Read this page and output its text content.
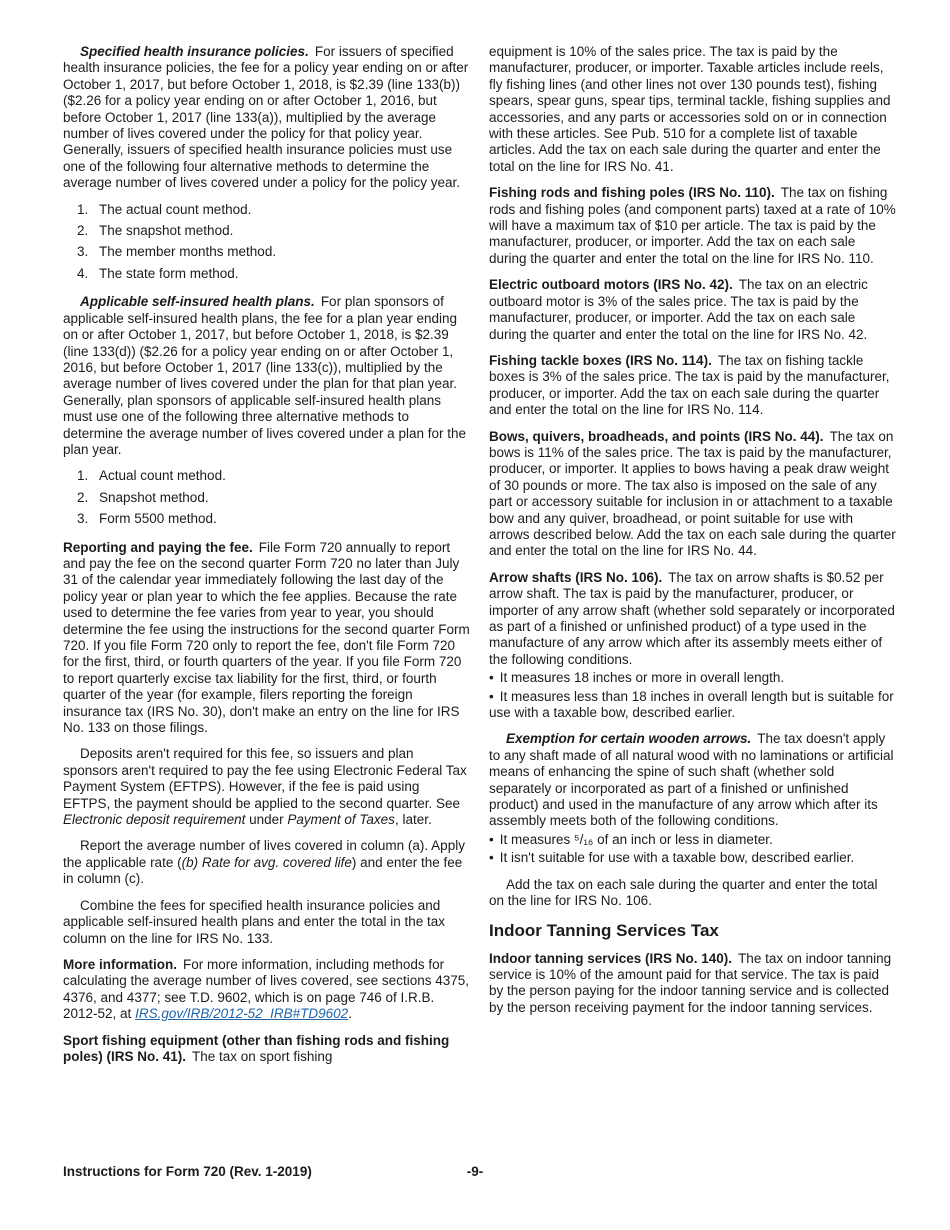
Specified health insurance policies. For issuers of specified health insurance policies, the fee for a policy year ending on or after October 1, 2017, but before October 1, 2018, is $2.39 (line 133(b)) ($2.26 for a policy year ending on or after October 1, 2016, but before October 1, 2017 (line 133(a)), multiplied by the average number of lives covered under the policy for that policy year. Generally, issuers of specified health insurance policies must use one of the following four alternative methods to determine the average number of lives covered under a policy for the policy year.
1. The actual count method.
2. The snapshot method.
3. The member months method.
4. The state form method.
Applicable self-insured health plans. For plan sponsors of applicable self-insured health plans, the fee for a plan year ending on or after October 1, 2017, but before October 1, 2018, is $2.39 (line 133(d)) ($2.26 for a policy year ending on or after October 1, 2016, but before October 1, 2017 (line 133(c)), multiplied by the average number of lives covered under the plan for that plan year. Generally, plan sponsors of applicable self-insured health plans must use one of the following three alternative methods to determine the average number of lives covered under a plan for the plan year.
1. Actual count method.
2. Snapshot method.
3. Form 5500 method.
Reporting and paying the fee. File Form 720 annually to report and pay the fee on the second quarter Form 720 no later than July 31 of the calendar year immediately following the last day of the policy year or plan year to which the fee applies. Because the rate used to determine the fee varies from year to year, you should determine the fee using the instructions for the second quarter Form 720. If you file Form 720 only to report the fee, don't file Form 720 for the first, third, or fourth quarters of the year. If you file Form 720 to report quarterly excise tax liability for the first, third, or fourth quarter of the year (for example, filers reporting the foreign insurance tax (IRS No. 30), don't make an entry on the line for IRS No. 133 on those filings.
Deposits aren't required for this fee, so issuers and plan sponsors aren't required to pay the fee using Electronic Federal Tax Payment System (EFTPS). However, if the fee is paid using EFTPS, the payment should be applied to the second quarter. See Electronic deposit requirement under Payment of Taxes, later.
Report the average number of lives covered in column (a). Apply the applicable rate ((b) Rate for avg. covered life) and enter the fee in column (c).
Combine the fees for specified health insurance policies and applicable self-insured health plans and enter the total in the tax column on the line for IRS No. 133.
More information. For more information, including methods for calculating the average number of lives covered, see sections 4375, 4376, and 4377; see T.D. 9602, which is on page 746 of I.R.B. 2012-52, at IRS.gov/IRB/2012-52_IRB#TD9602.
Sport fishing equipment (other than fishing rods and fishing poles) (IRS No. 41). The tax on sport fishing
equipment is 10% of the sales price. The tax is paid by the manufacturer, producer, or importer. Taxable articles include reels, fly fishing lines (and other lines not over 130 pounds test), fishing spears, spear guns, spear tips, terminal tackle, fishing supplies and accessories, and any parts or accessories sold on or in connection with these articles. See Pub. 510 for a complete list of taxable articles. Add the tax on each sale during the quarter and enter the total on the line for IRS No. 41.
Fishing rods and fishing poles (IRS No. 110). The tax on fishing rods and fishing poles (and component parts) taxed at a rate of 10% will have a maximum tax of $10 per article. The tax is paid by the manufacturer, producer, or importer. Add the tax on each sale during the quarter and enter the total on the line for IRS No. 110.
Electric outboard motors (IRS No. 42). The tax on an electric outboard motor is 3% of the sales price. The tax is paid by the manufacturer, producer, or importer. Add the tax on each sale during the quarter and enter the total on the line for IRS No. 42.
Fishing tackle boxes (IRS No. 114). The tax on fishing tackle boxes is 3% of the sales price. The tax is paid by the manufacturer, producer, or importer. Add the tax on each sale during the quarter and enter the total on the line for IRS No. 114.
Bows, quivers, broadheads, and points (IRS No. 44). The tax on bows is 11% of the sales price. The tax is paid by the manufacturer, producer, or importer. It applies to bows having a peak draw weight of 30 pounds or more. The tax also is imposed on the sale of any part or accessory suitable for inclusion in or attachment to a taxable bow and any quiver, broadhead, or point suitable for use with arrows described below. Add the tax on each sale during the quarter and enter the total on the line for IRS No. 44.
Arrow shafts (IRS No. 106). The tax on arrow shafts is $0.52 per arrow shaft. The tax is paid by the manufacturer, producer, or importer of any arrow shaft (whether sold separately or incorporated as part of a finished or unfinished product) of a type used in the manufacture of any arrow which after its assembly meets either of the following conditions.
• It measures 18 inches or more in overall length.
• It measures less than 18 inches in overall length but is suitable for use with a taxable bow, described earlier.
Exemption for certain wooden arrows. The tax doesn't apply to any shaft made of all natural wood with no laminations or artificial means of enhancing the spine of such shaft (whether sold separately or incorporated as part of a finished or unfinished product) and used in the manufacture of any arrow which after its assembly meets both of the following conditions.
• It measures ⁵/₁₆ of an inch or less in diameter.
• It isn't suitable for use with a taxable bow, described earlier.
Add the tax on each sale during the quarter and enter the total on the line for IRS No. 106.
Indoor Tanning Services Tax
Indoor tanning services (IRS No. 140). The tax on indoor tanning service is 10% of the amount paid for that service. The tax is paid by the person paying for the indoor tanning service and is collected by the person receiving payment for the indoor tanning services.
Instructions for Form 720 (Rev. 1-2019)	-9-
